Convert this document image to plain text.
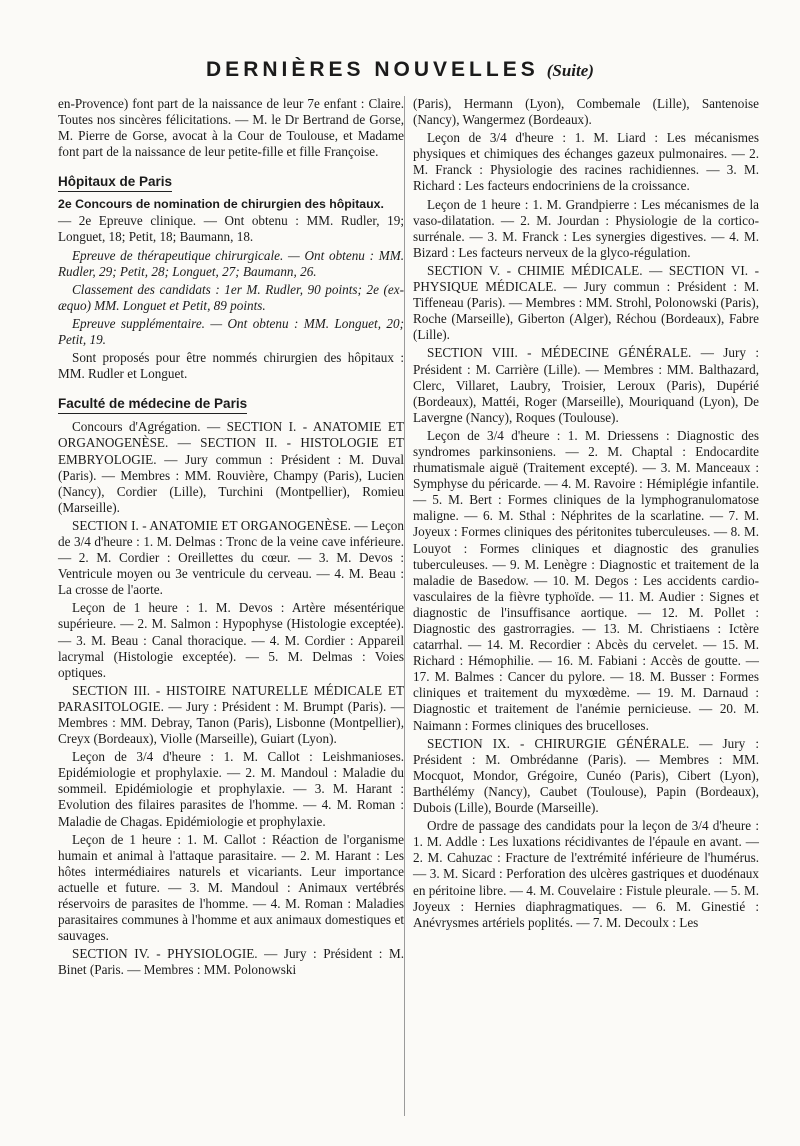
DERNIÈRES NOUVELLES (Suite)

en-Provence) font part de la naissance de leur 7e enfant : Claire. Toutes nos sincères félicitations. — M. le Dr Bertrand de Gorse, M. Pierre de Gorse, avocat à la Cour de Toulouse, et Madame font part de la naissance de leur petite-fille et fille Françoise.

Hôpitaux de Paris
2e Concours de nomination de chirurgien des hôpitaux.

— 2e Epreuve clinique. — Ont obtenu : MM. Rudler, 19; Longuet, 18; Petit, 18; Baumann, 18.

Epreuve de thérapeutique chirurgicale. — Ont obtenu : MM. Rudler, 29; Petit, 28; Longuet, 27; Baumann, 26.

Classement des candidats : 1er M. Rudler, 90 points; 2e (ex-æquo) MM. Longuet et Petit, 89 points.

Epreuve supplémentaire. — Ont obtenu : MM. Longuet, 20; Petit, 19.

Sont proposés pour être nommés chirurgien des hôpitaux : MM. Rudler et Longuet.

Faculté de médecine de Paris

Concours d'Agrégation. — SECTION I. - ANATOMIE ET ORGANOGENÈSE. — SECTION II. - HISTOLOGIE ET EMBRYOLOGIE. — Jury commun : Président : M. Duval (Paris). — Membres : MM. Rouvière, Champy (Paris), Lucien (Nancy), Cordier (Lille), Turchini (Montpellier), Romieu (Marseille).

SECTION I. - ANATOMIE ET ORGANOGENÈSE. — Leçon de 3/4 d'heure : 1. M. Delmas : Tronc de la veine cave inférieure. — 2. M. Cordier : Oreillettes du cœur. — 3. M. Devos : Ventricule moyen ou 3e ventricule du cerveau. — 4. M. Beau : La crosse de l'aorte.

Leçon de 1 heure : 1. M. Devos : Artère mésentérique supérieure. — 2. M. Salmon : Hypophyse (Histologie exceptée). — 3. M. Beau : Canal thoracique. — 4. M. Cordier : Appareil lacrymal (Histologie exceptée). — 5. M. Delmas : Voies optiques.

SECTION III. - HISTOIRE NATURELLE MÉDICALE ET PARASITOLOGIE. — Jury : Président : M. Brumpt (Paris). — Membres : MM. Debray, Tanon (Paris), Lisbonne (Montpellier), Creyx (Bordeaux), Violle (Marseille), Guiart (Lyon).

Leçon de 3/4 d'heure : 1. M. Callot : Leishmanioses. Epidémiologie et prophylaxie. — 2. M. Mandoul : Maladie du sommeil. Epidémiologie et prophylaxie. — 3. M. Harant : Evolution des filaires parasites de l'homme. — 4. M. Roman : Maladie de Chagas. Epidémiologie et prophylaxie.

Leçon de 1 heure : 1. M. Callot : Réaction de l'organisme humain et animal à l'attaque parasitaire. — 2. M. Harant : Les hôtes intermédiaires naturels et vicariants. Leur importance actuelle et future. — 3. M. Mandoul : Animaux vertébrés réservoirs de parasites de l'homme. — 4. M. Roman : Maladies parasitaires communes à l'homme et aux animaux domestiques et sauvages.

SECTION IV. - PHYSIOLOGIE. — Jury : Président : M. Binet (Paris. — Membres : MM. Polonowski

(Paris), Hermann (Lyon), Combemale (Lille), Santenoise (Nancy), Wangermez (Bordeaux).

Leçon de 3/4 d'heure : 1. M. Liard : Les mécanismes physiques et chimiques des échanges gazeux pulmonaires. — 2. M. Franck : Physiologie des racines rachidiennes. — 3. M. Richard : Les facteurs endocriniens de la croissance.

Leçon de 1 heure : 1. M. Grandpierre : Les mécanismes de la vaso-dilatation. — 2. M. Jourdan : Physiologie de la cortico-surrénale. — 3. M. Franck : Les synergies digestives. — 4. M. Bizard : Les facteurs nerveux de la glyco-régulation.

SECTION V. - CHIMIE MÉDICALE. — SECTION VI. - PHYSIQUE MÉDICALE. — Jury commun : Président : M. Tiffeneau (Paris). — Membres : MM. Strohl, Polonowski (Paris), Roche (Marseille), Giberton (Alger), Réchou (Bordeaux), Fabre (Lille).

SECTION VIII. - MÉDECINE GÉNÉRALE. — Jury : Président : M. Carrière (Lille). — Membres : MM. Balthazard, Clerc, Villaret, Laubry, Troisier, Leroux (Paris), Dupérié (Bordeaux), Mattéi, Roger (Marseille), Mouriquand (Lyon), De Lavergne (Nancy), Roques (Toulouse).

Leçon de 3/4 d'heure : 1. M. Driessens : Diagnostic des syndromes parkinsoniens. — 2. M. Chaptal : Endocardite rhumatismale aiguë (Traitement excepté). — 3. M. Manceaux : Symphyse du péricarde. — 4. M. Ravoire : Hémiplégie infantile. — 5. M. Bert : Formes cliniques de la lymphogranulomatose maligne. — 6. M. Sthal : Néphrites de la scarlatine. — 7. M. Joyeux : Formes cliniques des péritonites tuberculeuses. — 8. M. Louyot : Formes cliniques et diagnostic des granulies tuberculeuses. — 9. M. Lenègre : Diagnostic et traitement de la maladie de Basedow. — 10. M. Degos : Les accidents cardio-vasculaires de la fièvre typhoïde. — 11. M. Audier : Signes et diagnostic de l'insuffisance aortique. — 12. M. Pollet : Diagnostic des gastrorragies. — 13. M. Christiaens : Ictère catarrhal. — 14. M. Recordier : Abcès du cervelet. — 15. M. Richard : Hémophilie. — 16. M. Fabiani : Accès de goutte. — 17. M. Balmes : Cancer du pylore. — 18. M. Busser : Formes cliniques et traitement du myxœdème. — 19. M. Darnaud : Diagnostic et traitement de l'anémie pernicieuse. — 20. M. Naimann : Formes cliniques des brucelloses.

SECTION IX. - CHIRURGIE GÉNÉRALE. — Jury : Président : M. Ombrédanne (Paris). — Membres : MM. Mocquot, Mondor, Grégoire, Cunéo (Paris), Cibert (Lyon), Barthélémy (Nancy), Caubet (Toulouse), Papin (Bordeaux), Dubois (Lille), Bourde (Marseille).

Ordre de passage des candidats pour la leçon de 3/4 d'heure : 1. M. Addle : Les luxations récidivantes de l'épaule en avant. — 2. M. Cahuzac : Fracture de l'extrémité inférieure de l'humérus. — 3. M. Sicard : Perforation des ulcères gastriques et duodénaux en péritoine libre. — 4. M. Couvelaire : Fistule pleurale. — 5. M. Joyeux : Hernies diaphragmatiques. — 6. M. Ginestié : Anévrysmes artériels poplités. — 7. M. Decoulx : Les
